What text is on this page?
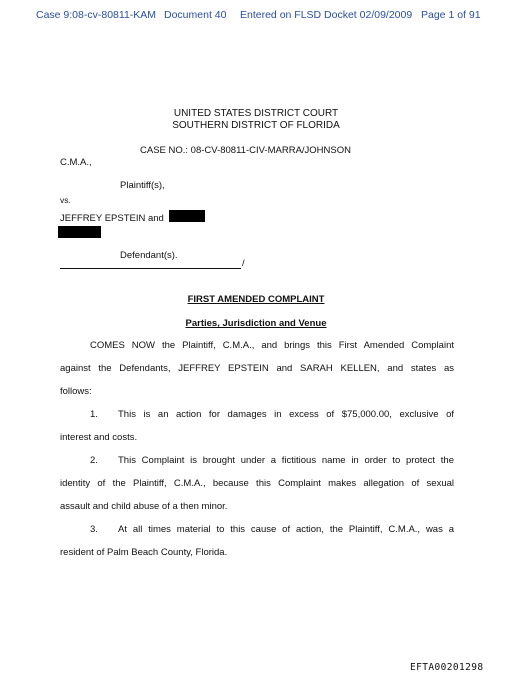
Case 9:08-cv-80811-KAM Document 40 Entered on FLSD Docket 02/09/2009 Page 1 of 91
UNITED STATES DISTRICT COURT
SOUTHERN DISTRICT OF FLORIDA
CASE NO.: 08-CV-80811-CIV-MARRA/JOHNSON
C.M.A.,
Plaintiff(s),
vs.
JEFFREY EPSTEIN and
Defendant(s).
/
FIRST AMENDED COMPLAINT
Parties, Jurisdiction and Venue
COMES NOW the Plaintiff, C.M.A., and brings this First Amended Complaint
against the Defendants, JEFFREY EPSTEIN and SARAH KELLEN, and states as
follows:
1. This is an action for damages in excess of $75,000.00, exclusive of
interest and costs.
2. This Complaint is brought under a fictitious name in order to protect the
identity of the Plaintiff, C.M.A., because this Complaint makes allegation of sexual
assault and child abuse of a then minor.
3. At all times material to this cause of action, the Plaintiff, C.M.A., was a
resident of Palm Beach County, Florida.
EFTA00201298
